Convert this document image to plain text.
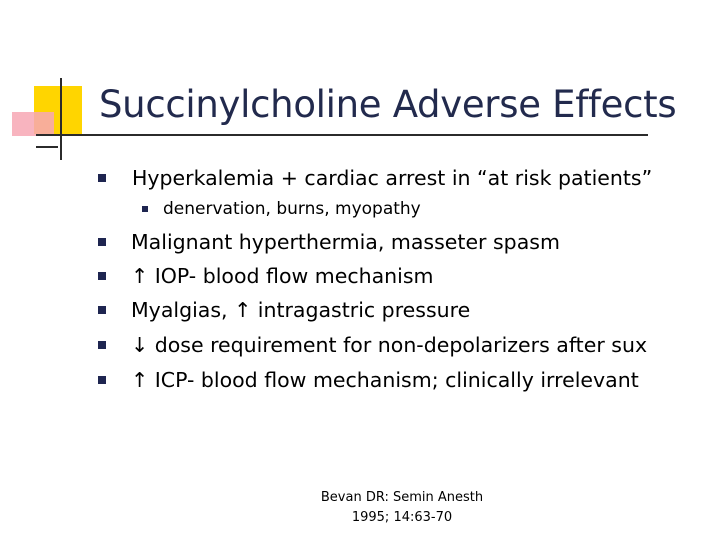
Succinylcholine Adverse Effects
Hyperkalemia + cardiac arrest in “at risk patients”
denervation, burns, myopathy
Malignant hyperthermia, masseter spasm
↑ IOP- blood flow mechanism
Myalgias, ↑ intragastric pressure
↓ dose requirement for non-depolarizers after sux
↑ ICP- blood flow mechanism; clinically irrelevant
Bevan DR: Semin Anesth
1995; 14:63-70
